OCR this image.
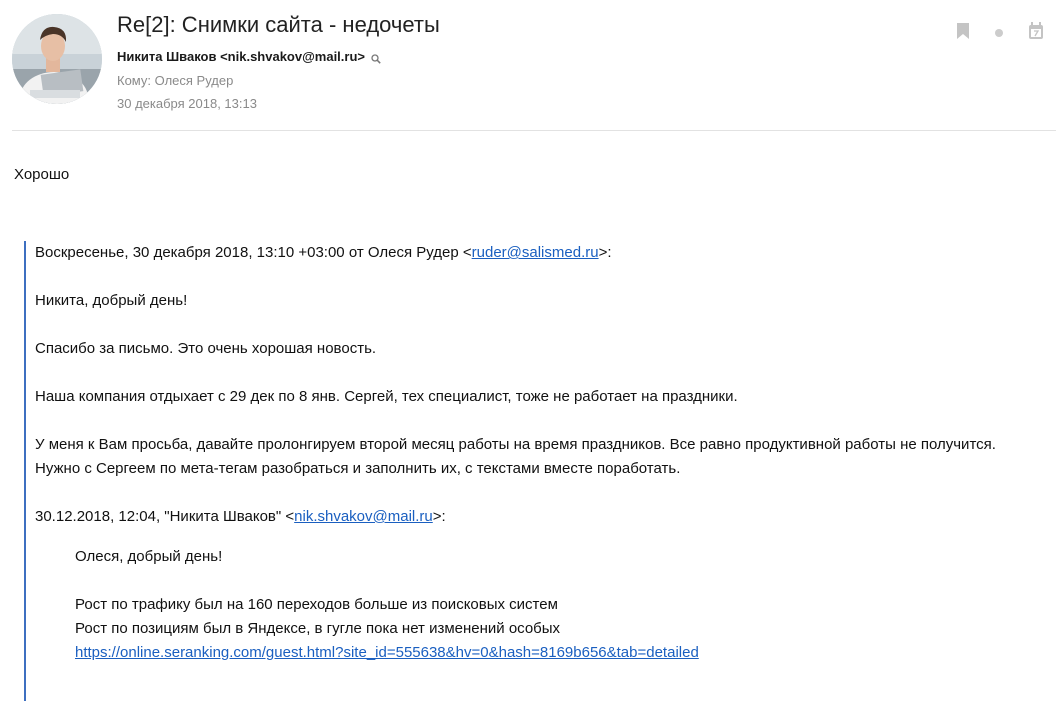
Re[2]: Снимки сайта - недочеты
Никита Шваков <nik.shvakov@mail.ru>
Кому: Олеся Рудер
30 декабря 2018, 13:13
Хорошо

Воскресенье, 30 декабря 2018, 13:10 +03:00 от Олеся Рудер <ruder@salismed.ru>:

Никита, добрый день!

Спасибо за письмо. Это очень хорошая новость.

Наша компания отдыхает с 29 дек по 8 янв. Сергей, тех специалист, тоже не работает на праздники.

У меня к Вам просьба, давайте пролонгируем второй месяц работы на время праздников. Все равно продуктивной работы не получится.

Нужно с Сергеем по мета-тегам разобраться и заполнить их, с текстами вместе поработать.

30.12.2018, 12:04, "Никита Шваков" <nik.shvakov@mail.ru>:

Олеся, добрый день!

Рост по трафику был на 160 переходов больше из поисковых систем

Рост по позициям был в Яндексе, в гугле пока нет изменений особых

https://online.seranking.com/guest.html?site_id=555638&hv=0&hash=8169b656&tab=detailed
